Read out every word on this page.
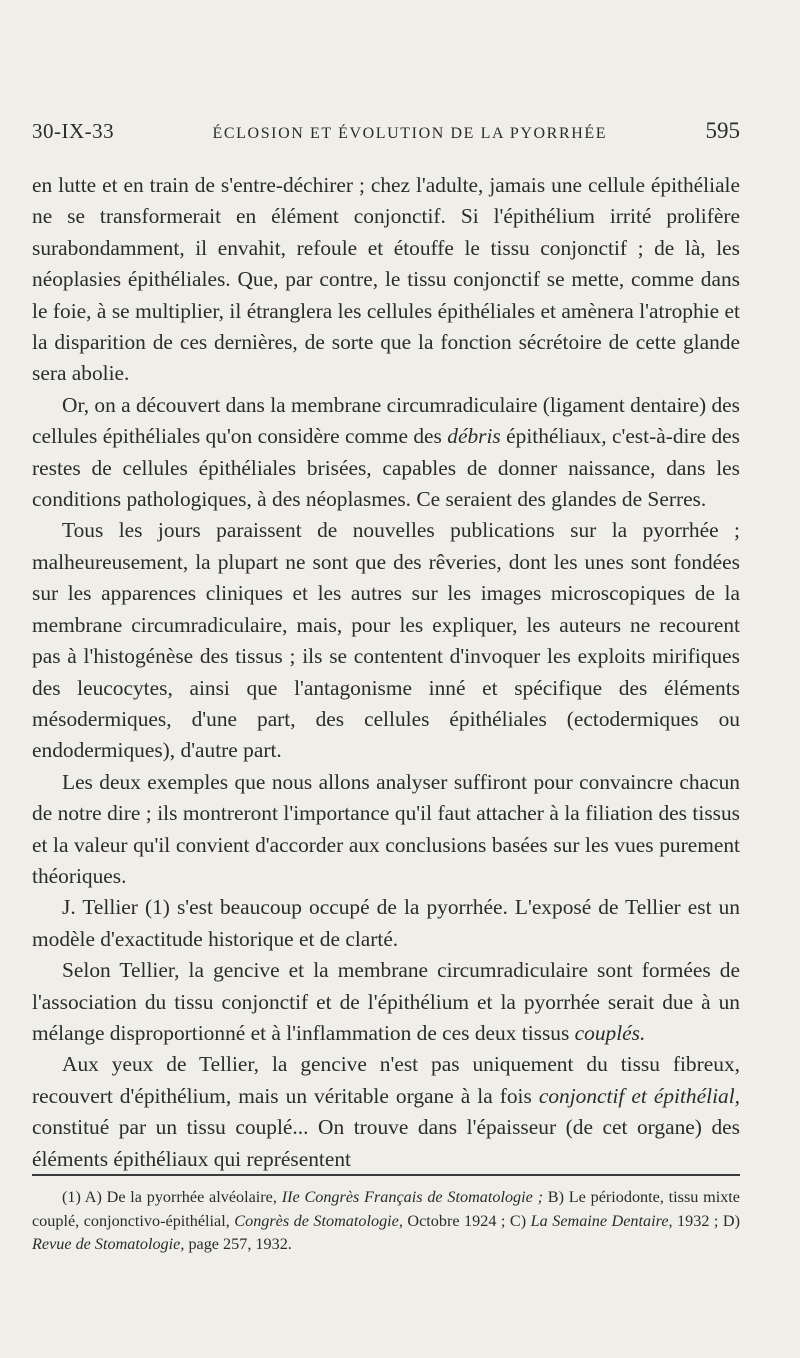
30-IX-33	ÉCLOSION ET ÉVOLUTION DE LA PYORRHÉE	595

en lutte et en train de s'entre-déchirer ; chez l'adulte, jamais une cellule épithéliale ne se transformerait en élément conjonctif. Si l'épithélium irrité prolifère surabondamment, il envahit, refoule et étouffe le tissu conjonctif ; de là, les néoplasies épithéliales. Que, par contre, le tissu conjonctif se mette, comme dans le foie, à se multiplier, il étranglera les cellules épithéliales et amènera l'atrophie et la disparition de ces dernières, de sorte que la fonction sécrétoire de cette glande sera abolie.

Or, on a découvert dans la membrane circumradiculaire (ligament dentaire) des cellules épithéliales qu'on considère comme des débris épithéliaux, c'est-à-dire des restes de cellules épithéliales brisées, capables de donner naissance, dans les conditions pathologiques, à des néoplasmes. Ce seraient des glandes de Serres.

Tous les jours paraissent de nouvelles publications sur la pyorrhée ; malheureusement, la plupart ne sont que des rêveries, dont les unes sont fondées sur les apparences cliniques et les autres sur les images microscopiques de la membrane circumradiculaire, mais, pour les expliquer, les auteurs ne recourent pas à l'histogénèse des tissus ; ils se contentent d'invoquer les exploits mirifiques des leucocytes, ainsi que l'antagonisme inné et spécifique des éléments mésodermiques, d'une part, des cellules épithéliales (ectodermiques ou endodermiques), d'autre part.

Les deux exemples que nous allons analyser suffiront pour convaincre chacun de notre dire ; ils montreront l'importance qu'il faut attacher à la filiation des tissus et la valeur qu'il convient d'accorder aux conclusions basées sur les vues purement théoriques.

J. Tellier (1) s'est beaucoup occupé de la pyorrhée. L'exposé de Tellier est un modèle d'exactitude historique et de clarté.

Selon Tellier, la gencive et la membrane circumradiculaire sont formées de l'association du tissu conjonctif et de l'épithélium et la pyorrhée serait due à un mélange disproportionné et à l'inflammation de ces deux tissus couplés.

Aux yeux de Tellier, la gencive n'est pas uniquement du tissu fibreux, recouvert d'épithélium, mais un véritable organe à la fois conjonctif et épithélial, constitué par un tissu couplé... On trouve dans l'épaisseur (de cet organe) des éléments épithéliaux qui représentent

(1) A) De la pyorrhée alvéolaire, IIe Congrès Français de Stomatologie ; B) Le périodonte, tissu mixte couplé, conjonctivo-épithélial, Congrès de Stomatologie, Octobre 1924 ; C) La Semaine Dentaire, 1932 ; D) Revue de Stomatologie, page 257, 1932.
